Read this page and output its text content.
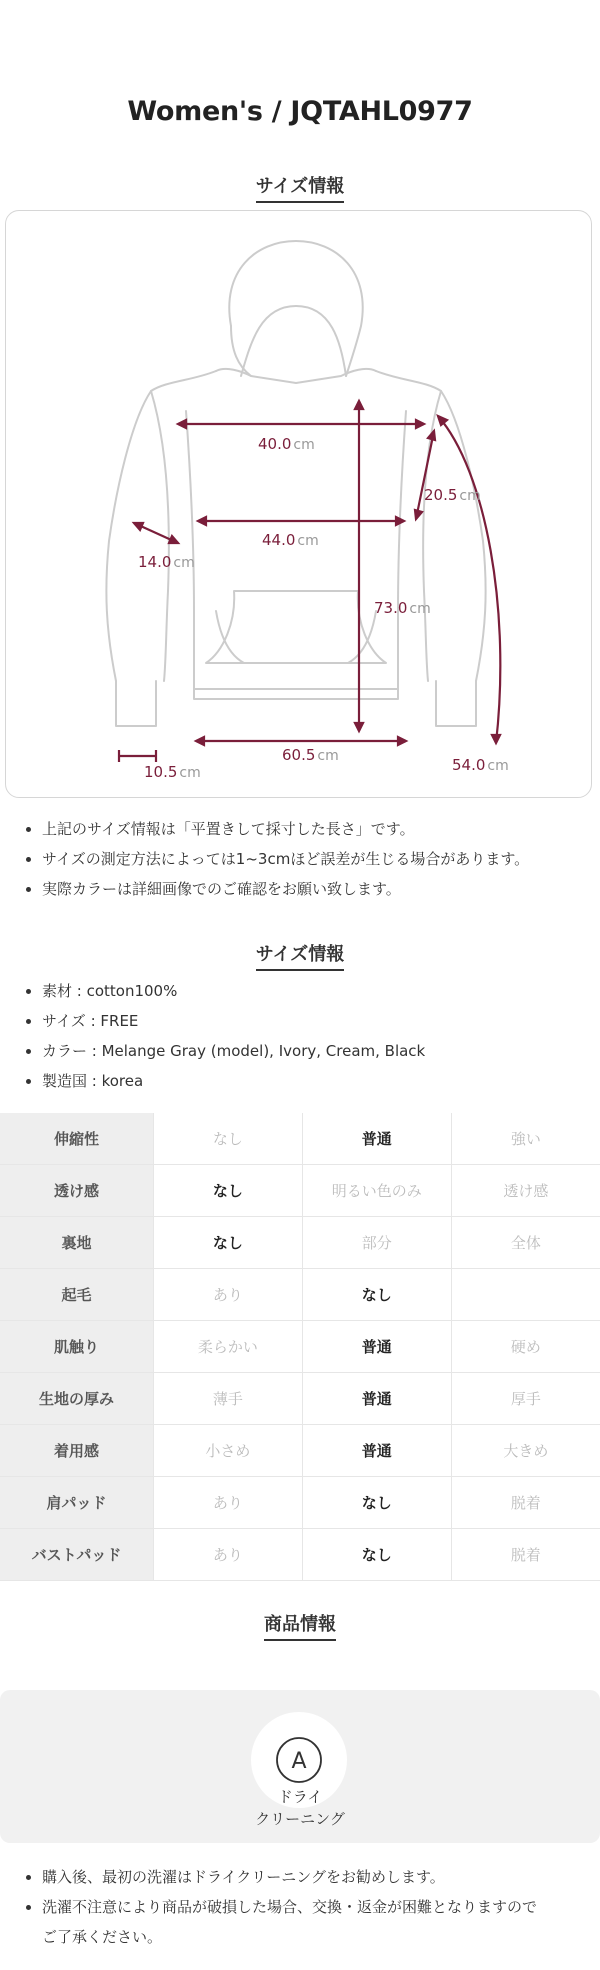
Women's / JQTAHL0977
サイズ情報
40.0 cm
44.0 cm
14.0 cm
20.5 cm
73.0 cm
60.5 cm
10.5 cm	54.0 cm
• 上記のサイズ情報は「平置きして採寸した長さ」です。
• サイズの測定方法によっては1~3cmほど誤差が生じる場合があります。
• 実際カラーは詳細画像でのご確認をお願い致します。
サイズ情報
• 素材 : cotton100%
• サイズ : FREE
• カラー : Melange Gray (model), Ivory, Cream, Black
• 製造国 : korea
伸縮性	なし	普通	強い
透け感	なし	明るい色のみ	透け感
裏地	なし	部分	全体
起毛	あり	なし	
肌触り	柔らかい	普通	硬め
生地の厚み	薄手	普通	厚手
着用感	小さめ	普通	大きめ
肩パッド	あり	なし	脱着
バストパッド	あり	なし	脱着
商品情報
A
ドライ
クリーニング
• 購入後、最初の洗濯はドライクリーニングをお勧めします。
• 洗濯不注意により商品が破損した場合、交換・返金が困難となりますので
ご了承ください。
